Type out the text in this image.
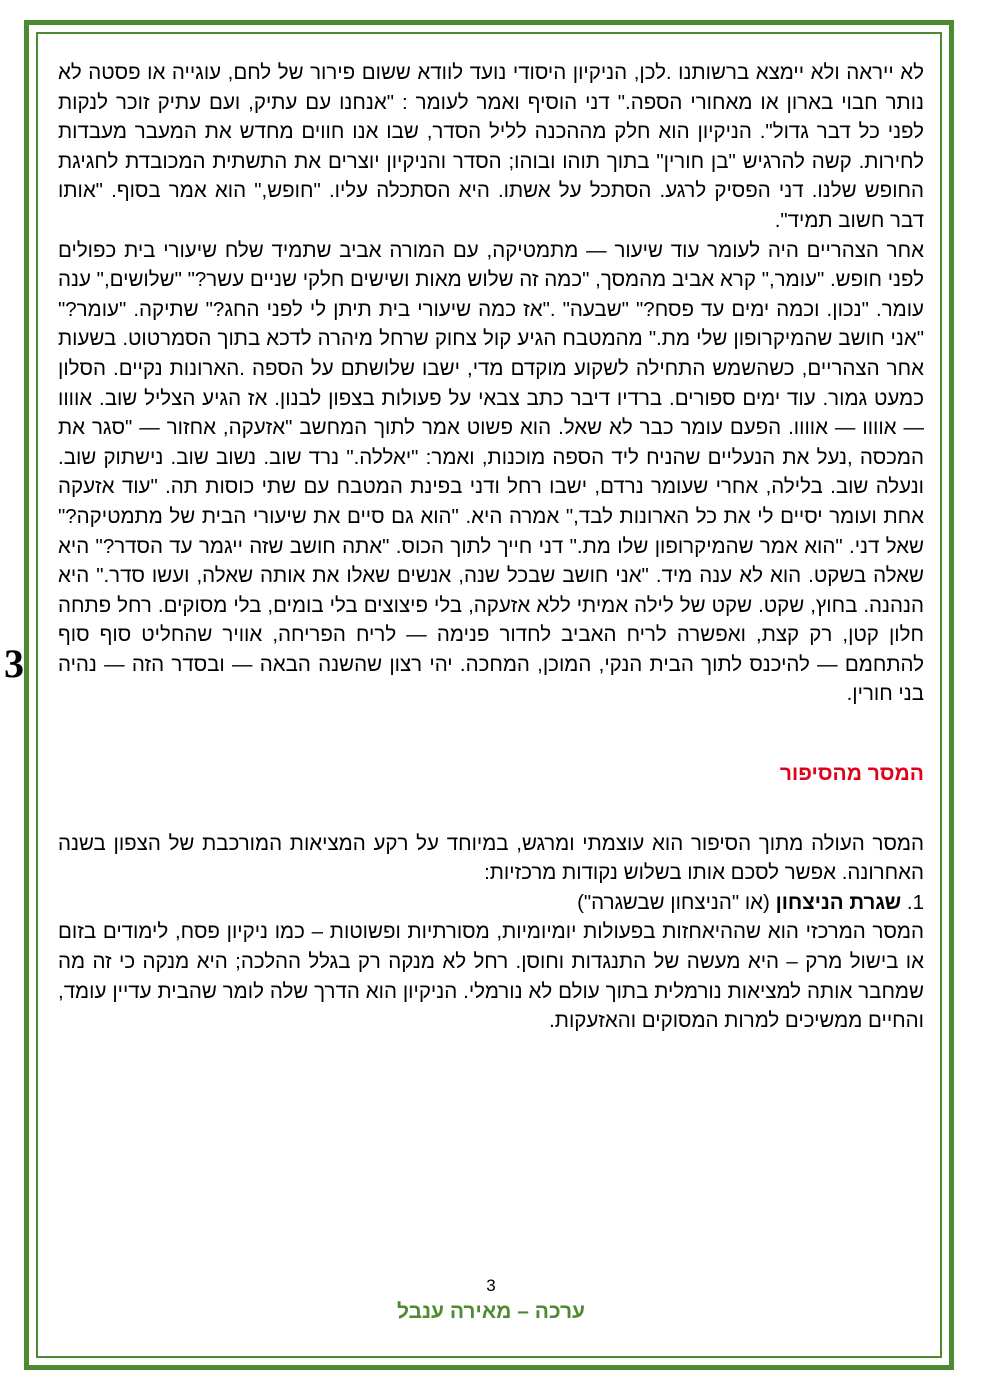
3

לא ייראה ולא יימצא ברשותנו .לכן, הניקיון היסודי נועד לוודא ששום פירור של לחם, עוגייה או פסטה לא נותר חבוי בארון או מאחורי הספה." דני הוסיף ואמר לעומר : "אנחנו עם עתיק, ועם עתיק זוכר לנקות לפני כל דבר גדול". הניקיון הוא חלק מההכנה לליל הסדר, שבו אנו חווים מחדש את המעבר מעבדות לחירות. קשה להרגיש "בן חורין" בתוך תוהו ובוהו; הסדר והניקיון יוצרים את התשתית המכובדת לחגיגת החופש שלנו. דני הפסיק לרגע. הסתכל על אשתו. היא הסתכלה עליו. "חופש," הוא אמר בסוף. "אותו דבר חשוב תמיד".

אחר הצהריים היה לעומר עוד שיעור — מתמטיקה, עם המורה אביב שתמיד שלח שיעורי בית כפולים לפני חופש. "עומר," קרא אביב מהמסך, "כמה זה שלוש מאות ושישים חלקי שניים עשר?" "שלושים," ענה עומר. "נכון. וכמה ימים עד פסח?" "שבעה" ."אז כמה שיעורי בית תיתן לי לפני החג?" שתיקה. "עומר?" "אני חושב שהמיקרופון שלי מת." מהמטבח הגיע קול צחוק שרחל מיהרה לדכא בתוך הסמרטוט. בשעות אחר הצהריים, כשהשמש התחילה לשקוע מוקדם מדי, ישבו שלושתם על הספה .הארונות נקיים. הסלון כמעט גמור. עוד ימים ספורים. ברדיו דיבר כתב צבאי על פעולות בצפון לבנון. אז הגיע הצליל שוב. אוווו — אוווו — אוווו. הפעם עומר כבר לא שאל. הוא פשוט אמר לתוך המחשב "אזעקה, אחזור — "סגר את המכסה ,נעל את הנעליים שהניח ליד הספה מוכנות, ואמר: "יאללה." נרד שוב. נשוב שוב. נישתוק שוב. ונעלה שוב. בלילה, אחרי שעומר נרדם, ישבו רחל ודני בפינת המטבח עם שתי כוסות תה. "עוד אזעקה אחת ועומר יסיים לי את כל הארונות לבד," אמרה היא. "הוא גם סיים את שיעורי הבית של מתמטיקה?" שאל דני. "הוא אמר שהמיקרופון שלו מת." דני חייך לתוך הכוס. "אתה חושב שזה ייגמר עד הסדר?" היא שאלה בשקט. הוא לא ענה מיד. "אני חושב שבכל שנה, אנשים שאלו את אותה שאלה, ועשו סדר." היא הנהנה. בחוץ, שקט. שקט של לילה אמיתי ללא אזעקה, בלי פיצוצים בלי בומים, בלי מסוקים. רחל פתחה חלון קטן, רק קצת, ואפשרה לריח האביב לחדור פנימה — לריח הפריחה, אוויר שהחליט סוף סוף להתחמם — להיכנס לתוך הבית הנקי, המוכן, המחכה. יהי רצון שהשנה הבאה — ובסדר הזה — נהיה בני חורין.

המסר מהסיפור

המסר העולה מתוך הסיפור הוא עוצמתי ומרגש, במיוחד על רקע המציאות המורכבת של הצפון בשנה האחרונה. אפשר לסכם אותו בשלוש נקודות מרכזיות:

1. שגרת הניצחון (או "הניצחון שבשגרה")

המסר המרכזי הוא שההיאחזות בפעולות יומיומיות, מסורתיות ופשוטות – כמו ניקיון פסח, לימודים בזום או בישול מרק – היא מעשה של התנגדות וחוסן. רחל לא מנקה רק בגלל ההלכה; היא מנקה כי זה מה שמחבר אותה למציאות נורמלית בתוך עולם לא נורמלי. הניקיון הוא הדרך שלה לומר שהבית עדיין עומד, והחיים ממשיכים למרות המסוקים והאזעקות.

3
ערכה – מאירה ענבל
